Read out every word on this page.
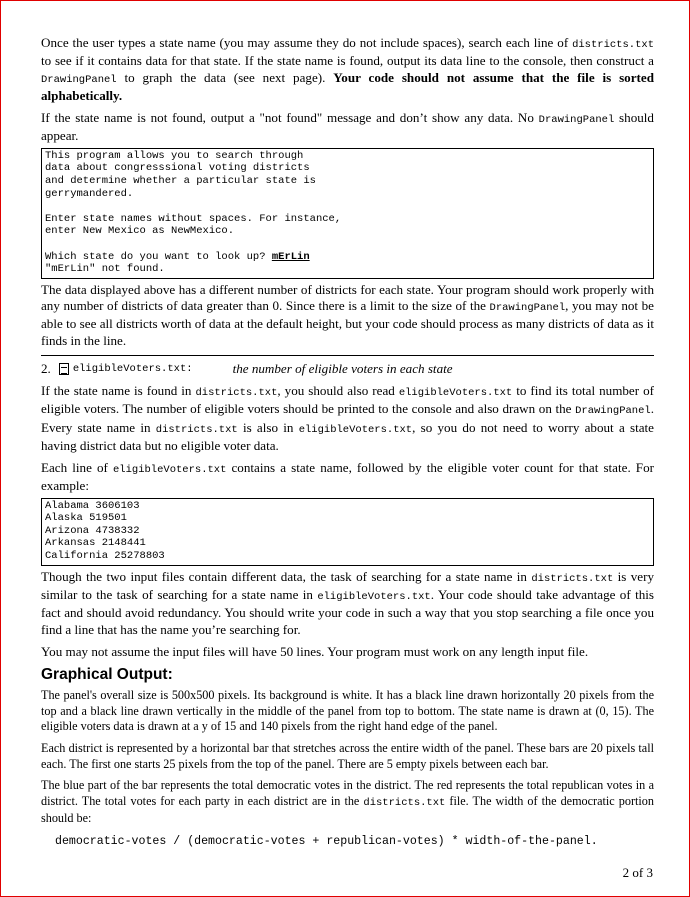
Once the user types a state name (you may assume they do not include spaces), search each line of districts.txt to see if it contains data for that state. If the state name is found, output its data line to the console, then construct a DrawingPanel to graph the data (see next page). Your code should not assume that the file is sorted alphabetically.

If the state name is not found, output a "not found" message and don’t show any data. No DrawingPanel should appear.

This program allows you to search through
data about congresssional voting districts
and determine whether a particular state is
gerrymandered.
Enter state names without spaces. For instance,
enter New Mexico as NewMexico.
Which state do you want to look up? mErLin
"mErLin" not found.

The data displayed above has a different number of districts for each state. Your program should work properly with any number of districts of data greater than 0. Since there is a limit to the size of the DrawingPanel, you may not be able to see all districts worth of data at the default height, but your code should process as many districts of data as it finds in the line.

2. eligibleVoters.txt:	the number of eligible voters in each state

If the state name is found in districts.txt, you should also read eligibleVoters.txt to find its total number of eligible voters. The number of eligible voters should be printed to the console and also drawn on the DrawingPanel. Every state name in districts.txt is also in eligibleVoters.txt, so you do not need to worry about a state having district data but no eligible voter data.

Each line of eligibleVoters.txt contains a state name, followed by the eligible voter count for that state. For example:

Alabama 3606103
Alaska 519501
Arizona 4738332
Arkansas 2148441
California 25278803

Though the two input files contain different data, the task of searching for a state name in districts.txt is very similar to the task of searching for a state name in eligibleVoters.txt. Your code should take advantage of this fact and should avoid redundancy. You should write your code in such a way that you stop searching a file once you find a line that has the name you’re searching for.

You may not assume the input files will have 50 lines. Your program must work on any length input file.

Graphical Output:

The panel's overall size is 500x500 pixels. Its background is white. It has a black line drawn horizontally 20 pixels from the top and a black line drawn vertically in the middle of the panel from top to bottom. The state name is drawn at (0, 15). The eligible voters data is drawn at a y of 15 and 140 pixels from the right hand edge of the panel.

Each district is represented by a horizontal bar that stretches across the entire width of the panel. These bars are 20 pixels tall each. The first one starts 25 pixels from the top of the panel. There are 5 empty pixels between each bar.

The blue part of the bar represents the total democratic votes in the district. The red represents the total republican votes in a district. The total votes for each party in each district are in the districts.txt file. The width of the democratic portion should be:

democratic-votes / (democratic-votes + republican-votes) * width-of-the-panel.
2 of 3
